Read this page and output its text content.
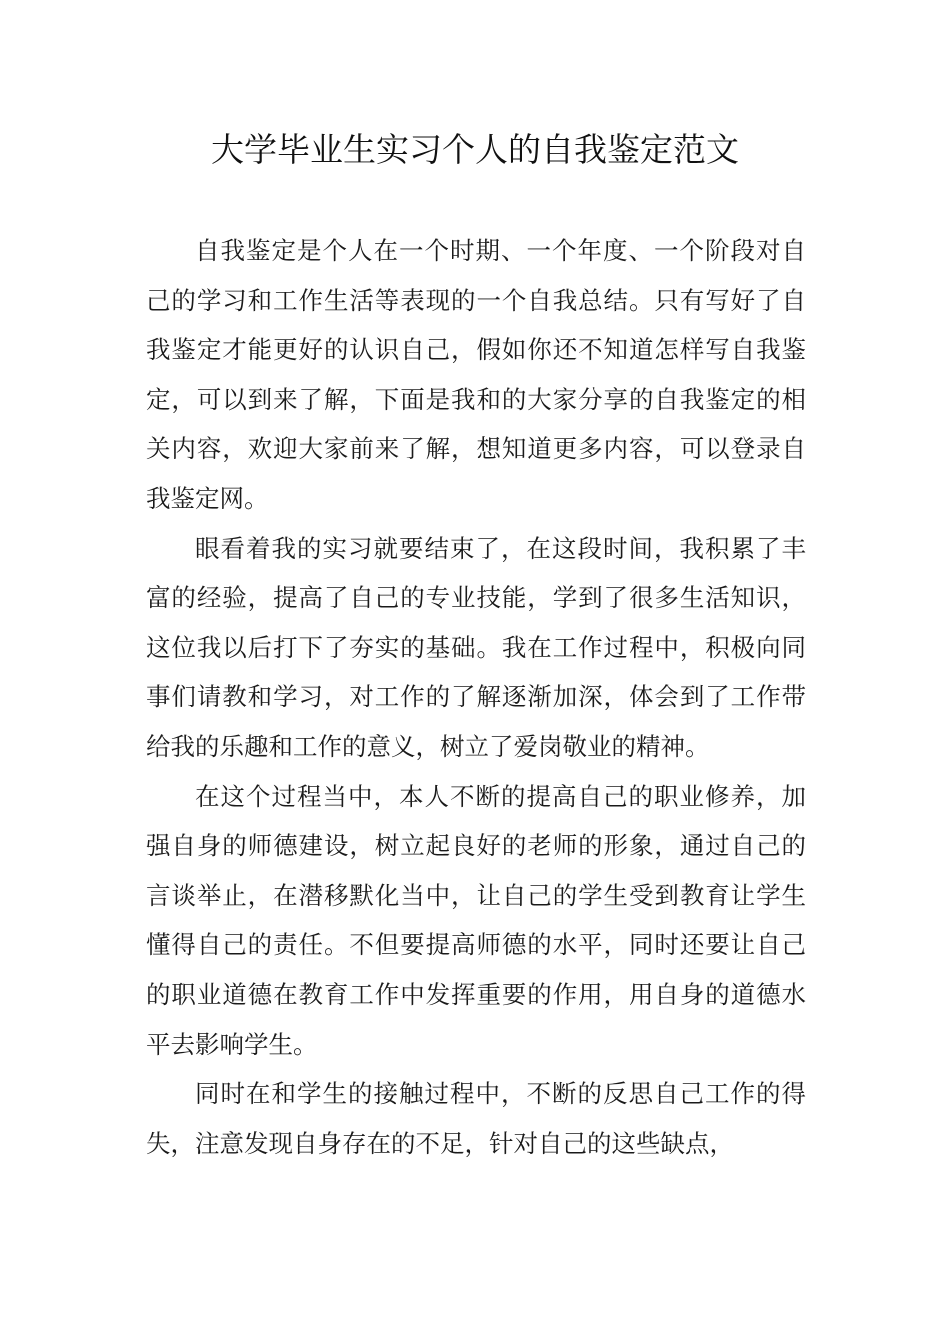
大学毕业生实习个人的自我鉴定范文

自我鉴定是个人在一个时期、一个年度、一个阶段对自己的学习和工作生活等表现的一个自我总结。只有写好了自我鉴定才能更好的认识自己，假如你还不知道怎样写自我鉴定，可以到来了解，下面是我和的大家分享的自我鉴定的相关内容，欢迎大家前来了解，想知道更多内容，可以登录自我鉴定网。

眼看着我的实习就要结束了，在这段时间，我积累了丰富的经验，提高了自己的专业技能，学到了很多生活知识，这位我以后打下了夯实的基础。我在工作过程中，积极向同事们请教和学习，对工作的了解逐渐加深，体会到了工作带给我的乐趣和工作的意义，树立了爱岗敬业的精神。

在这个过程当中，本人不断的提高自己的职业修养，加强自身的师德建设，树立起良好的老师的形象，通过自己的言谈举止，在潜移默化当中，让自己的学生受到教育让学生懂得自己的责任。不但要提高师德的水平，同时还要让自己的职业道德在教育工作中发挥重要的作用，用自身的道德水平去影响学生。

同时在和学生的接触过程中，不断的反思自己工作的得失，注意发现自身存在的不足，针对自己的这些缺点，
